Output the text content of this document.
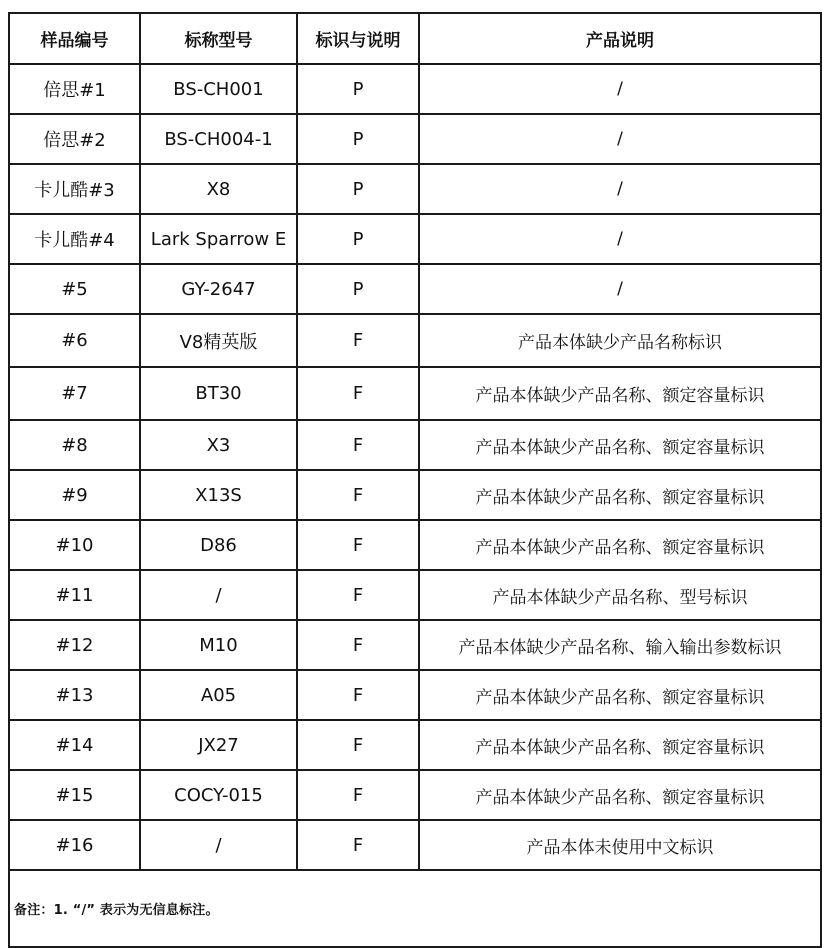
样品编号	标称型号	标识与说明	产品说明
倍思#1	BS-CH001	P	/
倍思#2	BS-CH004-1	P	/
卡儿酷#3	X8	P	/
卡儿酷#4	Lark Sparrow E	P	/
#5	GY-2647	P	/
#6	V8精英版	F	产品本体缺少产品名称标识
#7	BT30	F	产品本体缺少产品名称、额定容量标识
#8	X3	F	产品本体缺少产品名称、额定容量标识
#9	X13S	F	产品本体缺少产品名称、额定容量标识
#10	D86	F	产品本体缺少产品名称、额定容量标识
#11	/	F	产品本体缺少产品名称、型号标识
#12	M10	F	产品本体缺少产品名称、输入输出参数标识
#13	A05	F	产品本体缺少产品名称、额定容量标识
#14	JX27	F	产品本体缺少产品名称、额定容量标识
#15	COCY-015	F	产品本体缺少产品名称、额定容量标识
#16	/	F	产品本体未使用中文标识
备注：1. “/” 表示为无信息标注。			
